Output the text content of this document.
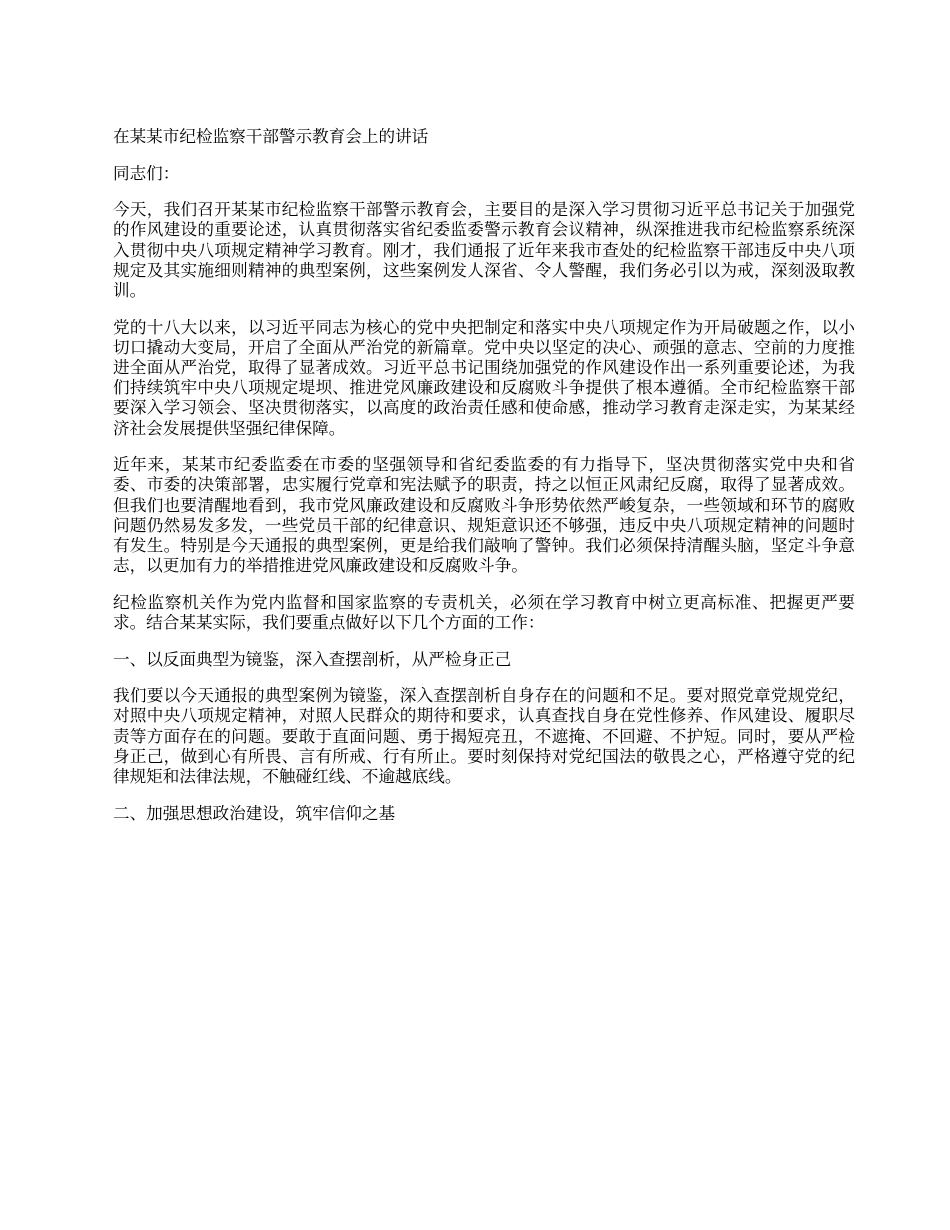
在某某市纪检监察干部警示教育会上的讲话

同志们：

今天，我们召开某某市纪检监察干部警示教育会，主要目的是深入学习贯彻习近平总书记关于加强党的作风建设的重要论述，认真贯彻落实省纪委监委警示教育会议精神，纵深推进我市纪检监察系统深入贯彻中央八项规定精神学习教育。刚才，我们通报了近年来我市查处的纪检监察干部违反中央八项规定及其实施细则精神的典型案例，这些案例发人深省、令人警醒，我们务必引以为戒，深刻汲取教训。

党的十八大以来，以习近平同志为核心的党中央把制定和落实中央八项规定作为开局破题之作，以小切口撬动大变局，开启了全面从严治党的新篇章。党中央以坚定的决心、顽强的意志、空前的力度推进全面从严治党，取得了显著成效。习近平总书记围绕加强党的作风建设作出一系列重要论述，为我们持续筑牢中央八项规定堤坝、推进党风廉政建设和反腐败斗争提供了根本遵循。全市纪检监察干部要深入学习领会、坚决贯彻落实，以高度的政治责任感和使命感，推动学习教育走深走实，为某某经济社会发展提供坚强纪律保障。

近年来，某某市纪委监委在市委的坚强领导和省纪委监委的有力指导下，坚决贯彻落实党中央和省委、市委的决策部署，忠实履行党章和宪法赋予的职责，持之以恒正风肃纪反腐，取得了显著成效。但我们也要清醒地看到，我市党风廉政建设和反腐败斗争形势依然严峻复杂，一些领域和环节的腐败问题仍然易发多发，一些党员干部的纪律意识、规矩意识还不够强，违反中央八项规定精神的问题时有发生。特别是今天通报的典型案例，更是给我们敲响了警钟。我们必须保持清醒头脑，坚定斗争意志，以更加有力的举措推进党风廉政建设和反腐败斗争。

纪检监察机关作为党内监督和国家监察的专责机关，必须在学习教育中树立更高标准、把握更严要求。结合某某实际，我们要重点做好以下几个方面的工作：

一、以反面典型为镜鉴，深入查摆剖析，从严检身正己

我们要以今天通报的典型案例为镜鉴，深入查摆剖析自身存在的问题和不足。要对照党章党规党纪，对照中央八项规定精神，对照人民群众的期待和要求，认真查找自身在党性修养、作风建设、履职尽责等方面存在的问题。要敢于直面问题、勇于揭短亮丑，不遮掩、不回避、不护短。同时，要从严检身正己，做到心有所畏、言有所戒、行有所止。要时刻保持对党纪国法的敬畏之心，严格遵守党的纪律规矩和法律法规，不触碰红线、不逾越底线。

二、加强思想政治建设，筑牢信仰之基
